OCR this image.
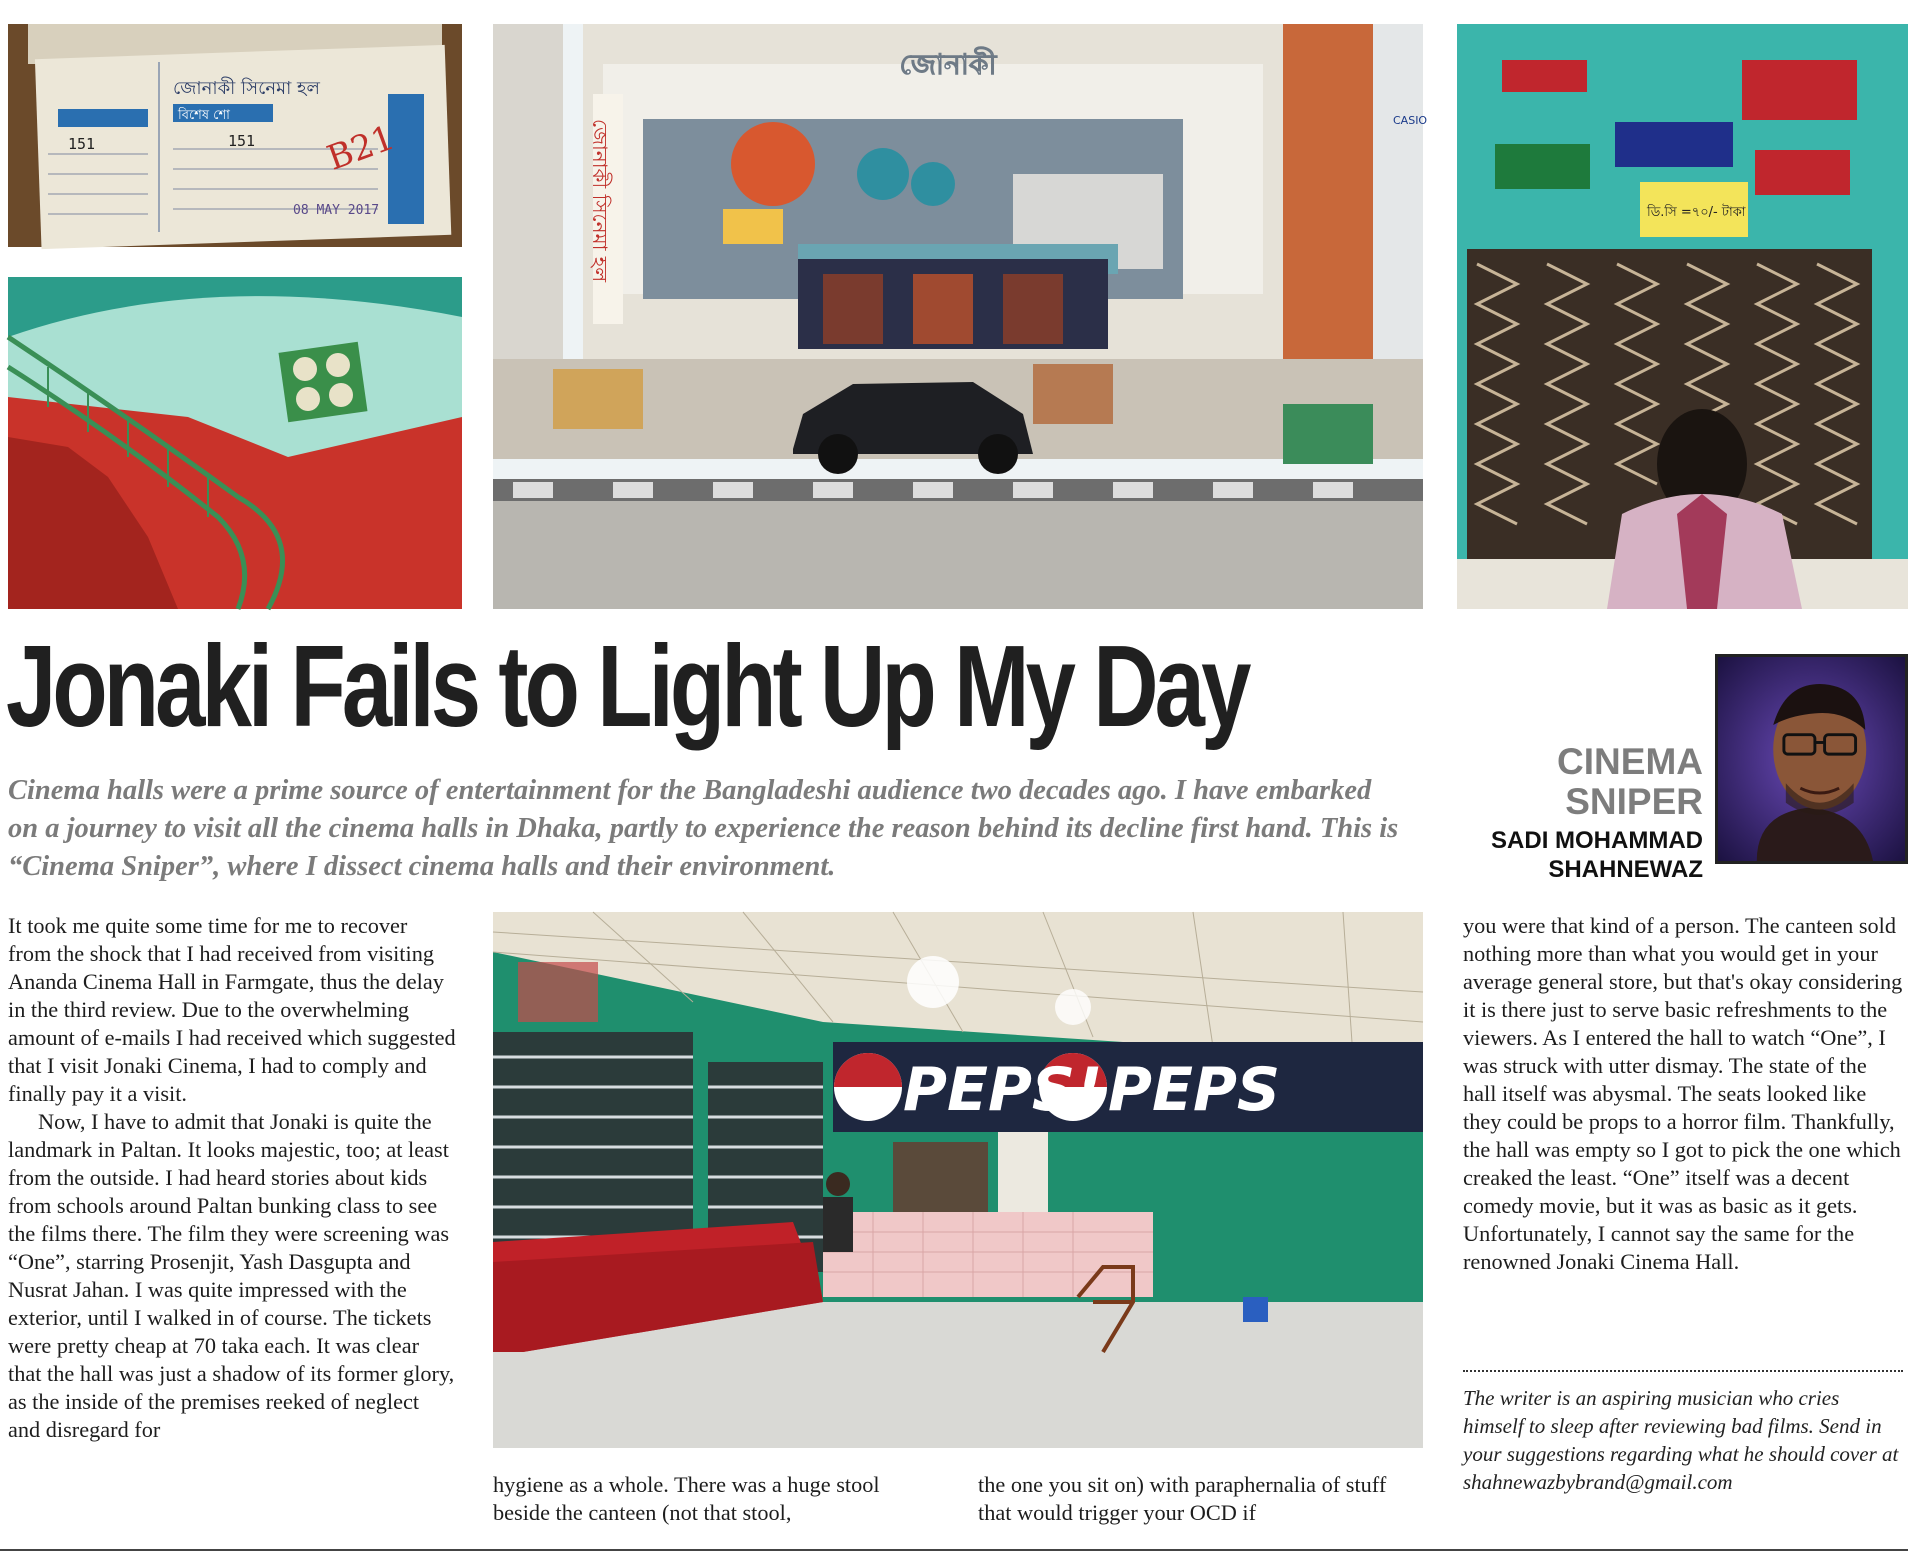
জোনাকী সিনেমা হল
বিশেষ শো
151	151
08 MAY 2017
B21
জোনাকী
জোনাকী সিনেমা হল	CASIO
ডি.সি =৭০/- টাকা
Jonaki Fails to Light Up My Day
Cinema halls were a prime source of entertainment for the Bangladeshi audience two decades ago. I have embarked on a journey to visit all the cinema halls in Dhaka, partly to experience the reason behind its decline first hand. This is “Cinema Sniper”, where I dissect cinema halls and their environment.
CINEMA
SNIPER
SADI MOHAMMAD
SHAHNEWAZ

It took me quite some time for me to recover from the shock that I had received from visiting Ananda Cinema Hall in Farmgate, thus the delay in the third review. Due to the overwhelming amount of e-mails I had received which suggested that I visit Jonaki Cinema, I had to comply and finally pay it a visit.

Now, I have to admit that Jonaki is quite the landmark in Paltan. It looks majestic, too; at least from the outside. I had heard stories about kids from schools around Paltan bunking class to see the films there. The film they were screening was “One”, starring Prosenjit, Yash Dasgupta and Nusrat Jahan. I was quite impressed with the exterior, until I walked in of course. The tickets were pretty cheap at 70 taka each. It was clear that the hall was just a shadow of its former glory, as the inside of the premises reeked of neglect and disregard for

PEPS! PEPS

hygiene as a whole. There was a huge stool beside the canteen (not that stool,

the one you sit on) with paraphernalia of stuff that would trigger your OCD if

you were that kind of a person. The canteen sold nothing more than what you would get in your average general store, but that's okay considering it is there just to serve basic refreshments to the viewers. As I entered the hall to watch “One”, I was struck with utter dismay. The state of the hall itself was abysmal. The seats looked like they could be props to a horror film. Thankfully, the hall was empty so I got to pick the one which creaked the least. “One” itself was a decent comedy movie, but it was as basic as it gets. Unfortunately, I cannot say the same for the renowned Jonaki Cinema Hall.

The writer is an aspiring musician who cries himself to sleep after reviewing bad films. Send in your suggestions regarding what he should cover at shahnewazbybrand@gmail.com
